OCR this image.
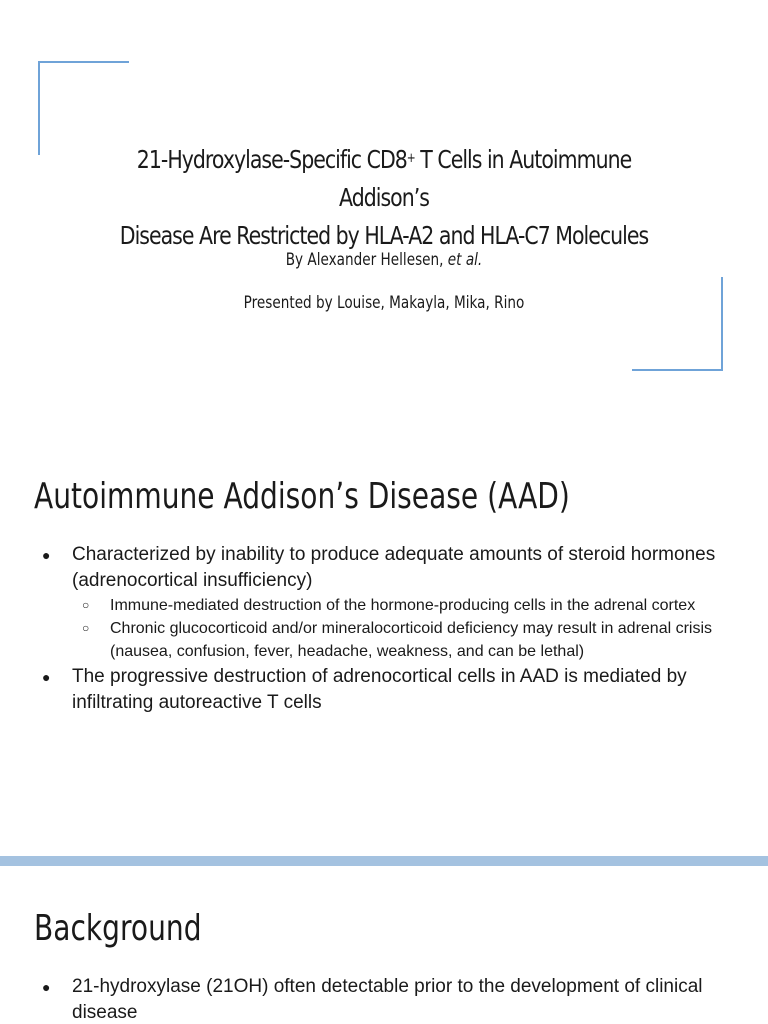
21-Hydroxylase-Specific CD8+ T Cells in Autoimmune Addison’s
Disease Are Restricted by HLA-A2 and HLA-C7 Molecules
By Alexander Hellesen, et al.
Presented by Louise, Makayla, Mika, Rino
Autoimmune Addison’s Disease (AAD)
● Characterized by inability to produce adequate amounts of steroid hormones (adrenocortical insufficiency)
○ Immune-mediated destruction of the hormone-producing cells in the adrenal cortex
○ Chronic glucocorticoid and/or mineralocorticoid deficiency may result in adrenal crisis (nausea, confusion, fever, headache, weakness, and can be lethal)
● The progressive destruction of adrenocortical cells in AAD is mediated by infiltrating autoreactive T cells
Background
● 21-hydroxylase (21OH) often detectable prior to the development of clinical disease
